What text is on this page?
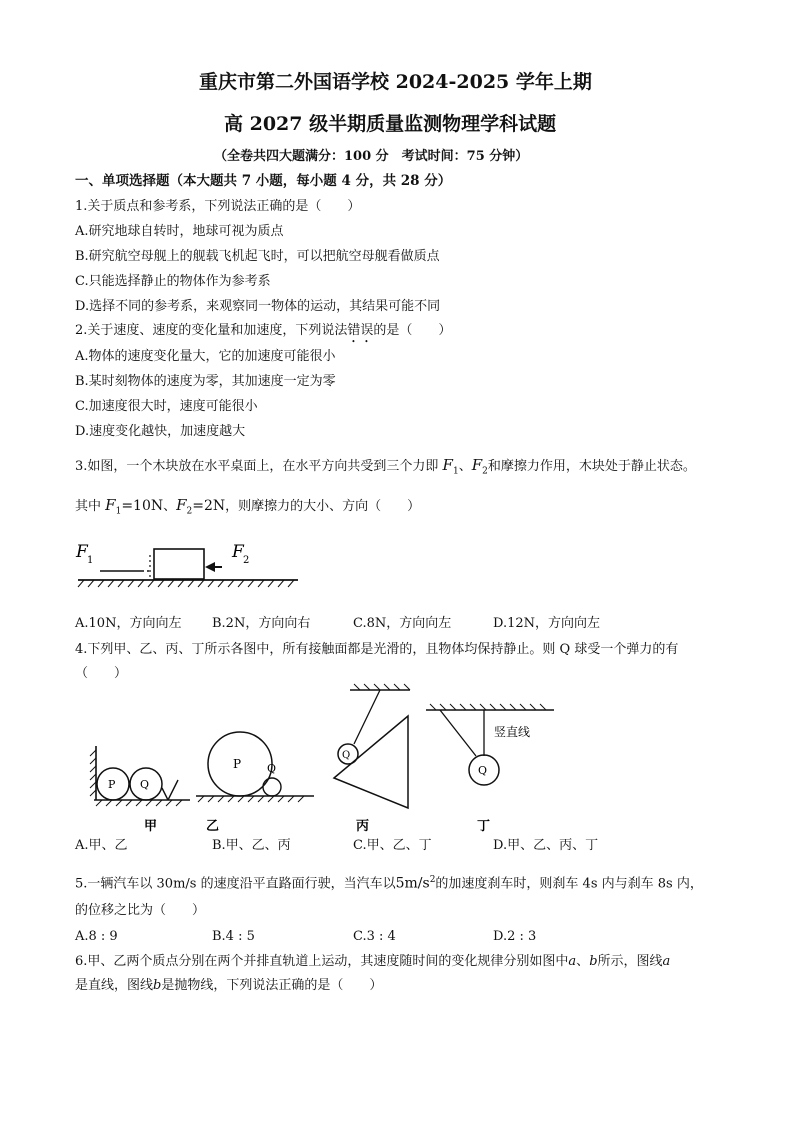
重庆市第二外国语学校 2024-2025 学年上期
高 2027 级半期质量监测物理学科试题
（全卷共四大题满分：100 分　考试时间：75 分钟）
一、单项选择题（本大题共 7 小题，每小题 4 分，共 28 分）
1.关于质点和参考系，下列说法正确的是（　　）
A.研究地球自转时，地球可视为质点
B.研究航空母舰上的舰载飞机起飞时，可以把航空母舰看做质点
C.只能选择静止的物体作为参考系
D.选择不同的参考系，来观察同一物体的运动，其结果可能不同
2.关于速度、速度的变化量和加速度，下列说法错误的是（　　）
A.物体的速度变化量大，它的加速度可能很小
B.某时刻物体的速度为零，其加速度一定为零
C.加速度很大时，速度可能很小
D.速度变化越快，加速度越大
3.如图，一个木块放在水平桌面上，在水平方向共受到三个力即 $F_1$、$F_2$和摩擦力作用，木块处于静止状态。
其中 $F_1=10N$、$F_2=2N$，则摩擦力的大小、方向（　　）
F 1	F 2
A.10N，方向向左 B.2N，方向向右	C.8N，方向向左	D.12N，方向向左
4.下列甲、乙、丙、丁所示各图中，所有接触面都是光滑的，且物体均保持静止。则 Q 球受一个弹力的有
（　　）
P Q
甲
P Q
乙
Q
丙
Q
竖直线
丁
A.甲、乙	B.甲、乙、丙	C.甲、乙、丁	D.甲、乙、丙、丁
5.一辆汽车以 30m/s 的速度沿平直路面行驶，当汽车以$5m/s^2$的加速度刹车时，则刹车 4s 内与刹车 8s 内，
的位移之比为（　　）
A.8 : 9	B.4 : 5	C.3 : 4	D.2 : 3
6.甲、乙两个质点分别在两个并排直轨道上运动，其速度随时间的变化规律分别如图中a、b所示，图线a
是直线，图线b是抛物线，下列说法正确的是（　　）
